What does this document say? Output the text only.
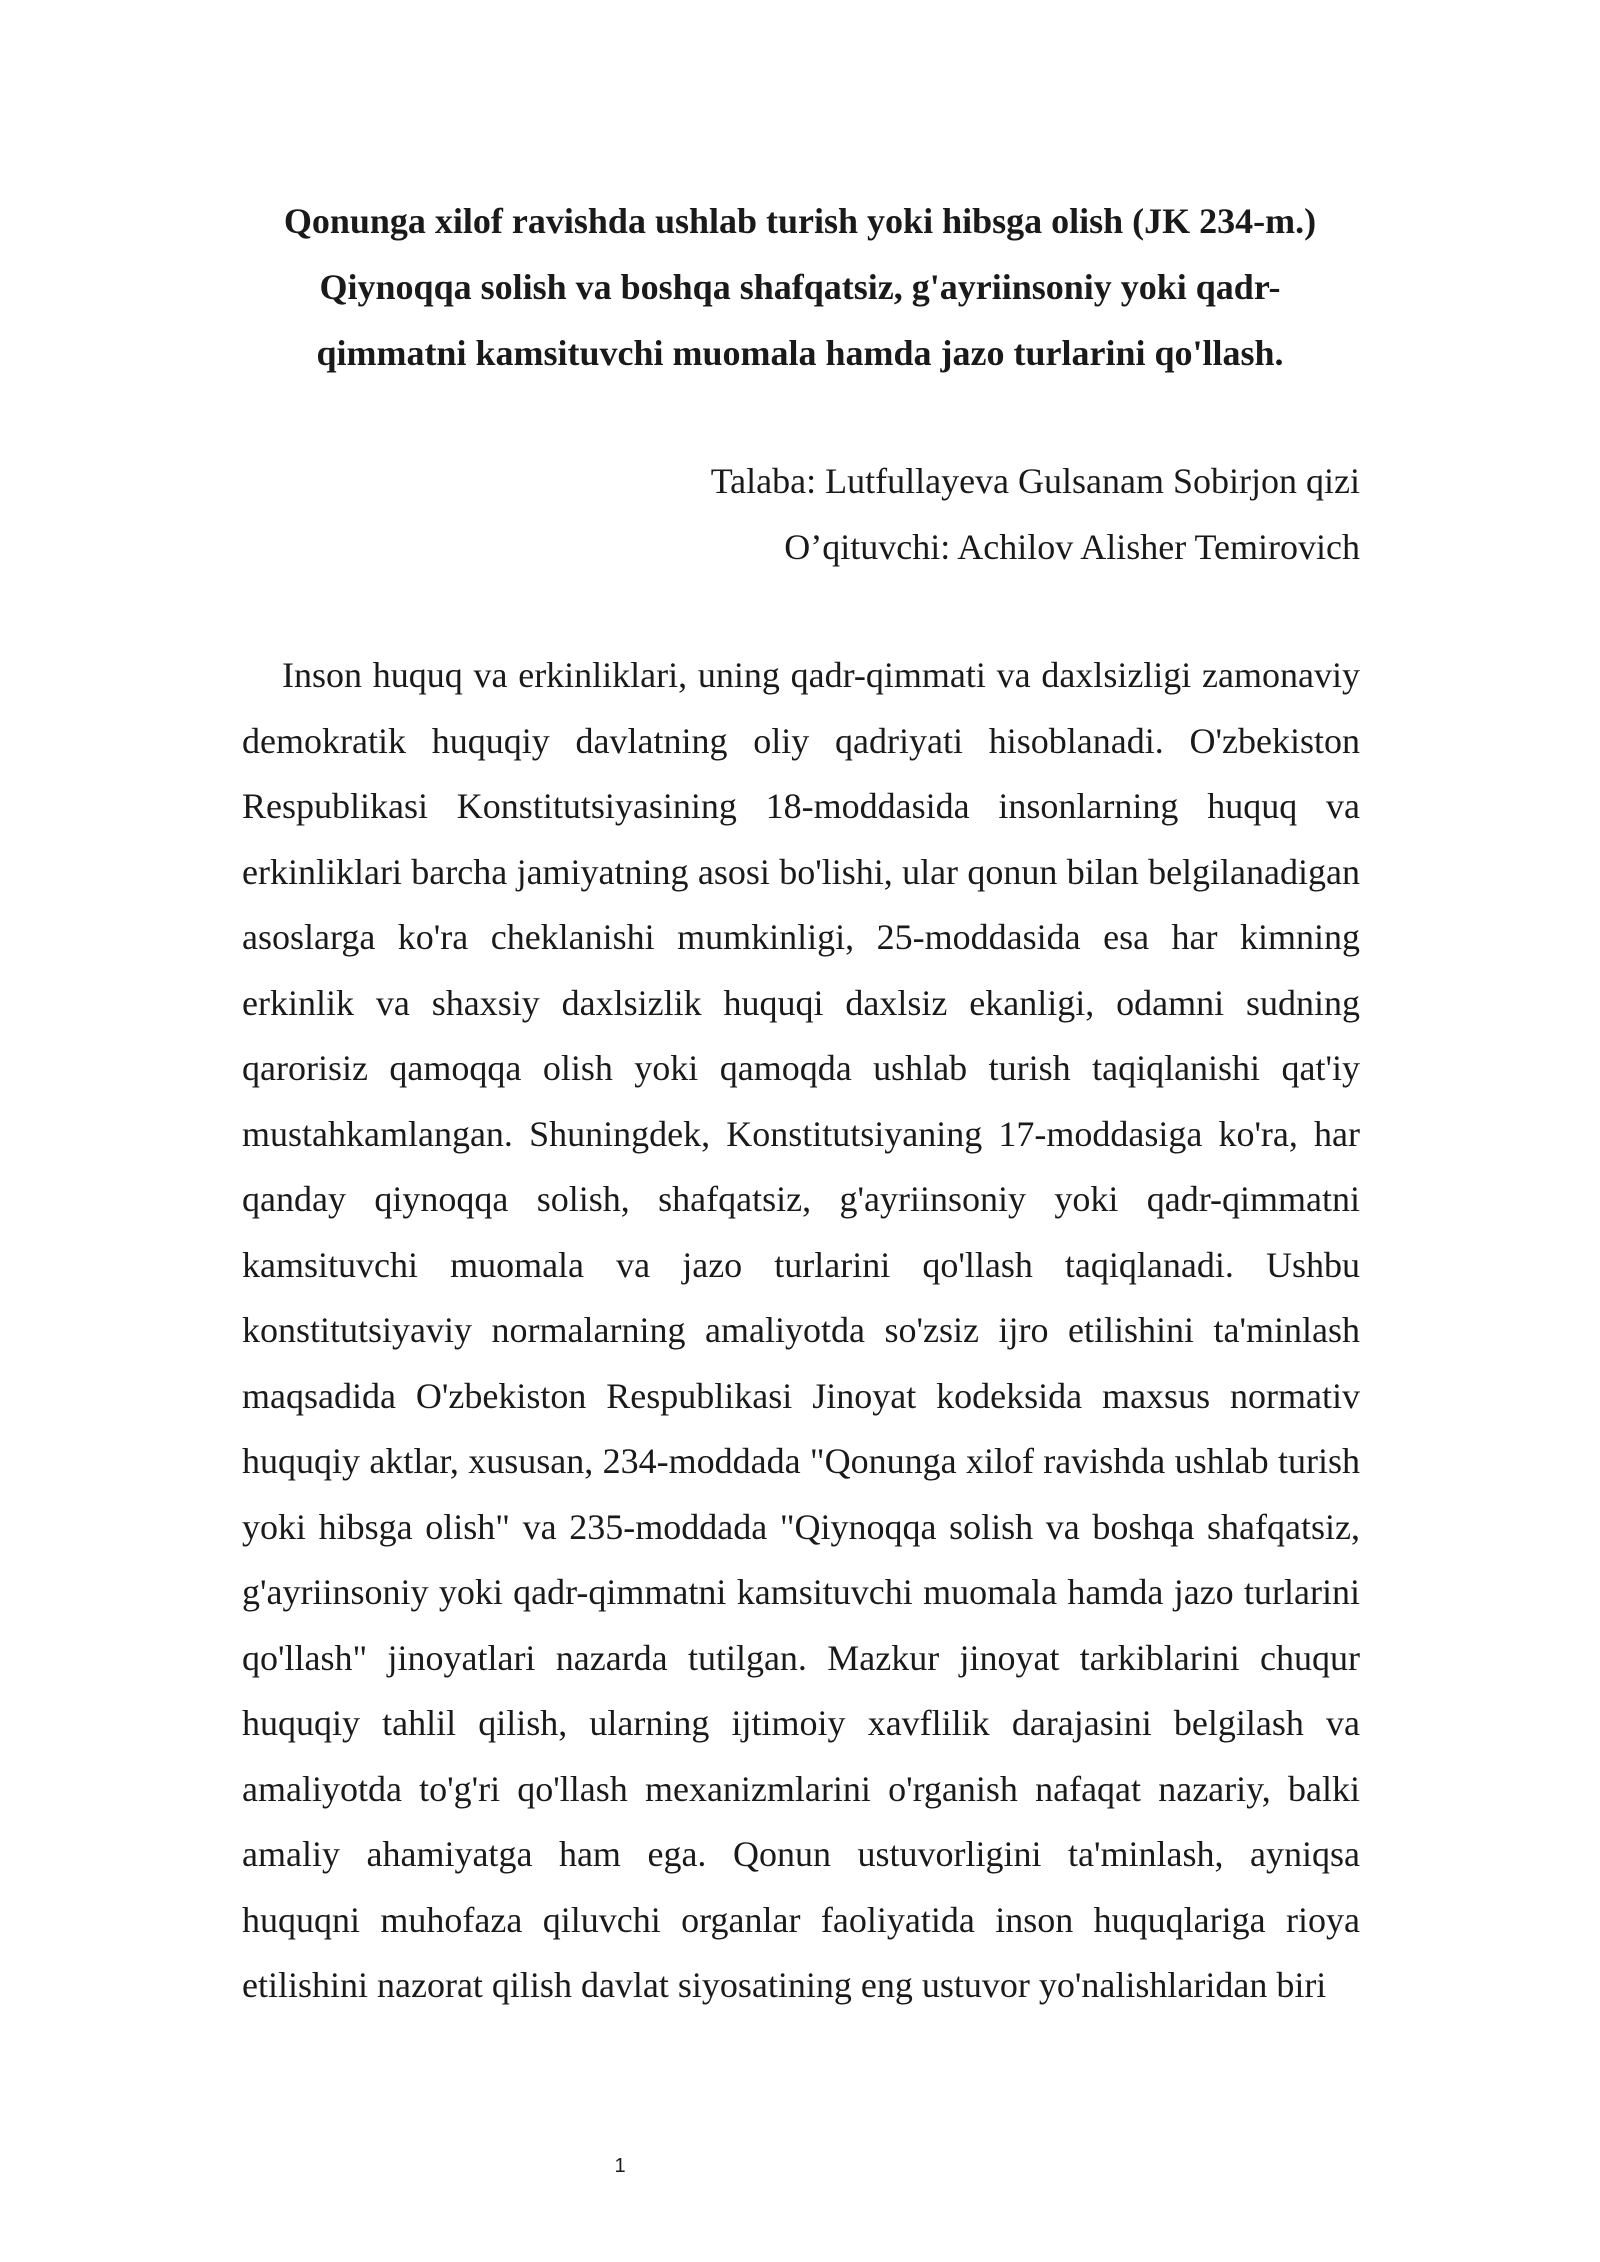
Qonunga xilof ravishda ushlab turish yoki hibsga olish (JK 234-m.)
Qiynoqqa solish va boshqa shafqatsiz, g'ayriinsoniy yoki qadr-
qimmatni kamsituvchi muomala hamda jazo turlarini qo'llash.
Talaba: Lutfullayeva Gulsanam Sobirjon qizi
O’qituvchi: Achilov Alisher Temirovich

Inson huquq va erkinliklari, uning qadr-qimmati va daxlsizligi zamonaviy demokratik huquqiy davlatning oliy qadriyati hisoblanadi. O'zbekiston Respublikasi Konstitutsiyasining 18-moddasida insonlarning huquq va erkinliklari barcha jamiyatning asosi bo'lishi, ular qonun bilan belgilanadigan asoslarga ko'ra cheklanishi mumkinligi, 25-moddasida esa har kimning erkinlik va shaxsiy daxlsizlik huquqi daxlsiz ekanligi, odamni sudning qarorisiz qamoqqa olish yoki qamoqda ushlab turish taqiqlanishi qat'iy mustahkamlangan. Shuningdek, Konstitutsiyaning 17-moddasiga ko'ra, har qanday qiynoqqa solish, shafqatsiz, g'ayriinsoniy yoki qadr-qimmatni kamsituvchi muomala va jazo turlarini qo'llash taqiqlanadi. Ushbu konstitutsiyaviy normalarning amaliyotda so'zsiz ijro etilishini ta'minlash maqsadida O'zbekiston Respublikasi Jinoyat kodeksida maxsus normativ huquqiy aktlar, xususan, 234-moddada "Qonunga xilof ravishda ushlab turish yoki hibsga olish" va 235-moddada "Qiynoqqa solish va boshqa shafqatsiz, g'ayriinsoniy yoki qadr-qimmatni kamsituvchi muomala hamda jazo turlarini qo'llash" jinoyatlari nazarda tutilgan. Mazkur jinoyat tarkiblarini chuqur huquqiy tahlil qilish, ularning ijtimoiy xavflilik darajasini belgilash va amaliyotda to'g'ri qo'llash mexanizmlarini o'rganish nafaqat nazariy, balki amaliy ahamiyatga ham ega. Qonun ustuvorligini ta'minlash, ayniqsa huquqni muhofaza qiluvchi organlar faoliyatida inson huquqlariga rioya etilishini nazorat qilish davlat siyosatining eng ustuvor yo'nalishlaridan biri

1
